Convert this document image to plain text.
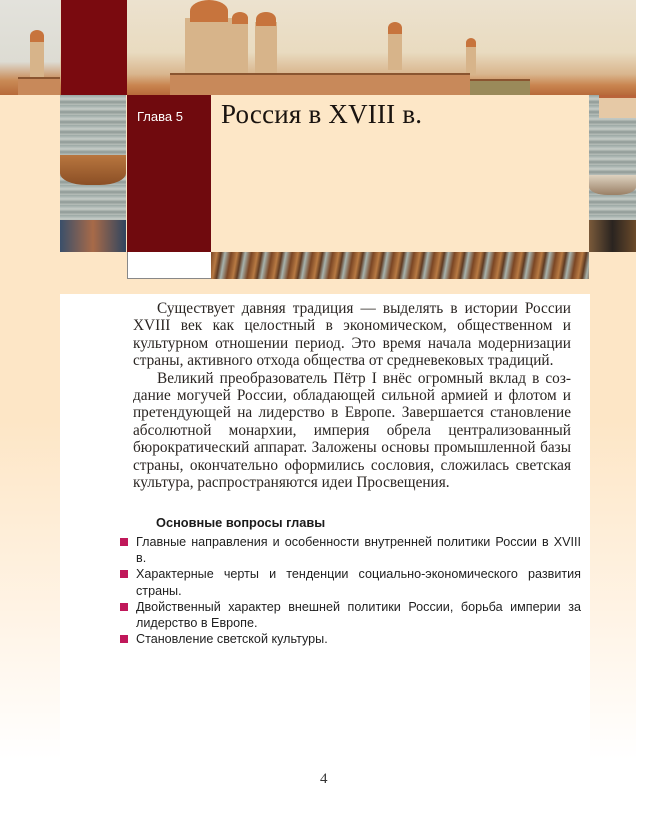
Глава 5 Россия в XVIII в.

Существует давняя традиция — выделять в истории России XVIII век как целостный в экономическом, общественном и культурном отношении период. Это время начала модернизации страны, активного отхода общества от средневековых традиций.

Великий преобразователь Пётр I внёс огромный вклад в создание могучей России, обладающей сильной армией и флотом и претендующей на лидерство в Европе. Завершается становление абсолютной монархии, империя обрела централизованный бюрократический аппарат. Заложены основы промышленной базы страны, окончательно оформились сословия, сложилась светская культура, распространяются идеи Просвещения.

Основные вопросы главы
Главные направления и особенности внутренней политики России в XVIII в.
Характерные черты и тенденции социально-экономического развития страны.
Двойственный характер внешней политики России, борьба империи за лидерство в Европе.
Становление светской культуры.
4
